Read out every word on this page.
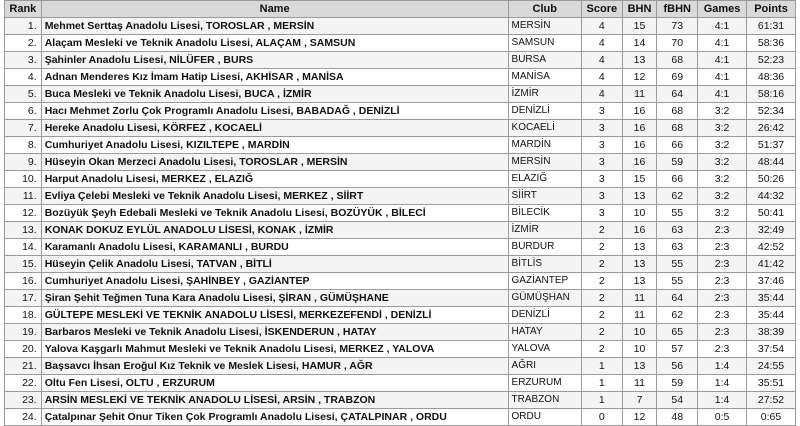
Rank	Name	Club	Score	BHN	fBHN	Games	Points
1.	Mehmet Serttaş Anadolu Lisesi, TOROSLAR , MERSİN	MERSİN	4	15	73	4:1	61:31
2.	Alaçam Mesleki ve Teknik Anadolu Lisesi, ALAÇAM , SAMSUN	SAMSUN	4	14	70	4:1	58:36
3.	Şahinler Anadolu Lisesi, NİLÜFER , BURS	BURSA	4	13	68	4:1	52:23
4.	Adnan Menderes Kız İmam Hatip Lisesi, AKHİSAR , MANİSA	MANİSA	4	12	69	4:1	48:36
5.	Buca Mesleki ve Teknik Anadolu Lisesi, BUCA , İZMİR	İZMİR	4	11	64	4:1	58:16
6.	Hacı Mehmet Zorlu Çok Programlı Anadolu Lisesi, BABADAĞ , DENİZLİ	DENİZLİ	3	16	68	3:2	52:34
7.	Hereke Anadolu Lisesi, KÖRFEZ , KOCAELİ	KOCAELİ	3	16	68	3:2	26:42
8.	Cumhuriyet Anadolu Lisesi, KIZILTEPE , MARDİN	MARDİN	3	16	66	3:2	51:37
9.	Hüseyin Okan Merzeci Anadolu Lisesi, TOROSLAR , MERSİN	MERSİN	3	16	59	3:2	48:44
10.	Harput Anadolu Lisesi, MERKEZ , ELAZIĞ	ELAZIĞ	3	15	66	3:2	50:26
11.	Evliya Çelebi Mesleki ve Teknik Anadolu Lisesi, MERKEZ , SİİRT	SİİRT	3	13	62	3:2	44:32
12.	Bozüyük Şeyh Edebali Mesleki ve Teknik Anadolu Lisesi, BOZÜYÜK , BİLECİ	BİLECİK	3	10	55	3:2	50:41
13.	KONAK DOKUZ EYLÜL ANADOLU LİSESİ, KONAK , İZMİR	İZMİR	2	16	63	2:3	32:49
14.	Karamanlı Anadolu Lisesi, KARAMANLI , BURDU	BURDUR	2	13	63	2:3	42:52
15.	Hüseyin Çelik Anadolu Lisesi, TATVAN , BİTLİ	BİTLİS	2	13	55	2:3	41:42
16.	Cumhuriyet Anadolu Lisesi, ŞAHİNBEY , GAZİANTEP	GAZİANTEP	2	13	55	2:3	37:46
17.	Şiran Şehit Teğmen Tuna Kara Anadolu Lisesi, ŞİRAN , GÜMÜŞHANE	GÜMÜŞHAN	2	11	64	2:3	35:44
18.	GÜLTEPE MESLEKİ VE TEKNİK ANADOLU LİSESİ, MERKEZEFENDİ , DENİZLİ	DENİZLİ	2	11	62	2:3	35:44
19.	Barbaros Mesleki ve Teknik Anadolu Lisesi, İSKENDERUN , HATAY	HATAY	2	10	65	2:3	38:39
20.	Yalova Kaşgarlı Mahmut Mesleki ve Teknik Anadolu Lisesi, MERKEZ , YALOVA	YALOVA	2	10	57	2:3	37:54
21.	Başsavcı İhsan Eroğul Kız Teknik ve Meslek Lisesi, HAMUR , AĞR	AĞRI	1	13	56	1:4	24:55
22.	Oltu Fen Lisesi, OLTU , ERZURUM	ERZURUM	1	11	59	1:4	35:51
23.	ARSİN MESLEKİ VE TEKNİK ANADOLU LİSESİ, ARSİN , TRABZON	TRABZON	1	7	54	1:4	27:52
24.	Çatalpınar Şehit Onur Tiken Çok Programlı Anadolu Lisesi, ÇATALPINAR , ORDU	ORDU	0	12	48	0:5	0:65
